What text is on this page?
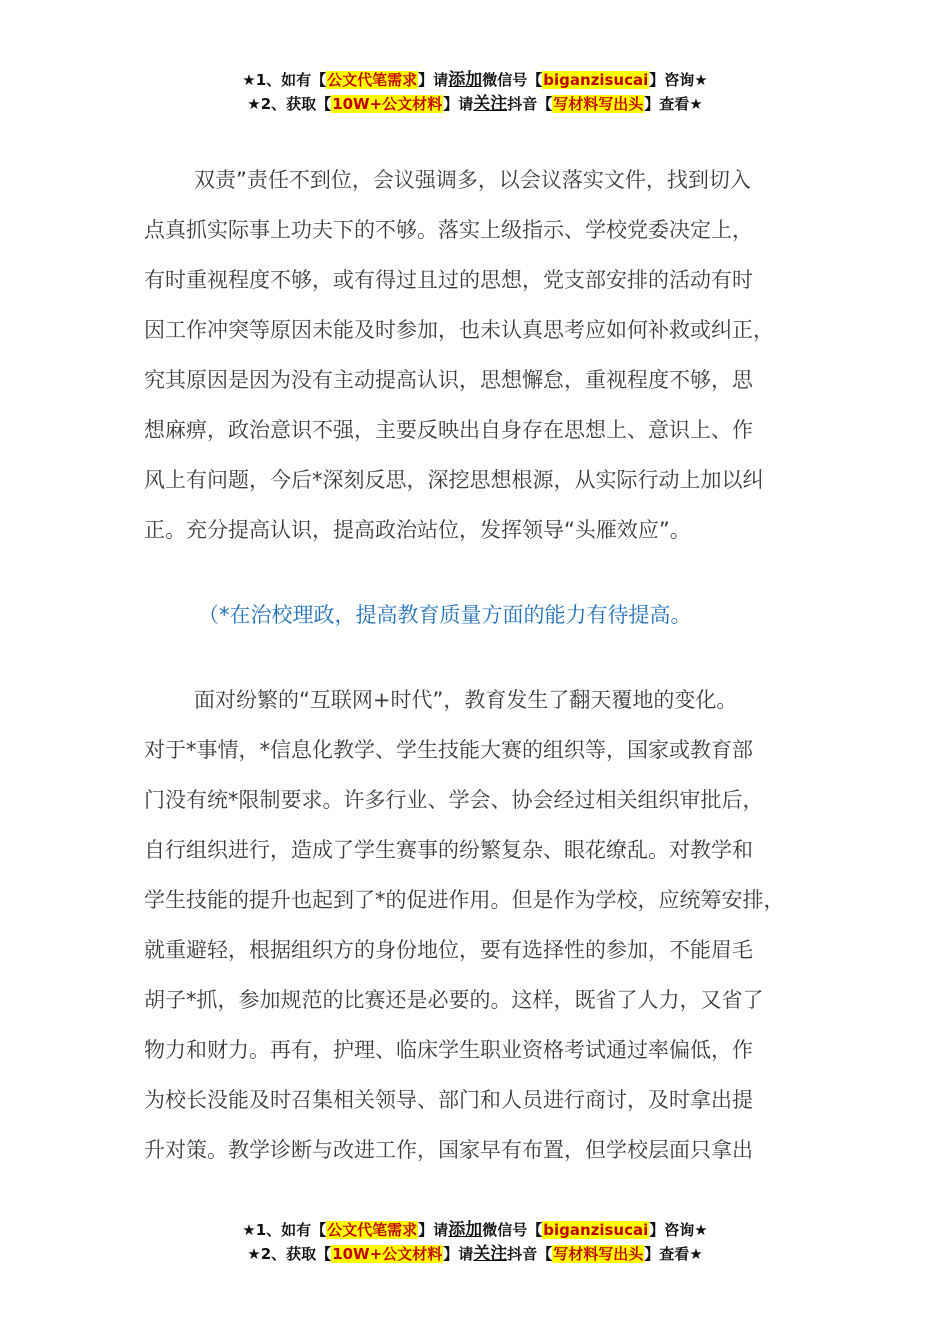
★1、如有【公文代笔需求】请添加微信号【biganzisucai】咨询★
★2、获取【10W+公文材料】请关注抖音【写材料写出头】查看★
双责”责任不到位，会议强调多，以会议落实文件，找到切入
点真抓实际事上功夫下的不够。落实上级指示、学校党委决定上，
有时重视程度不够，或有得过且过的思想，党支部安排的活动有时
因工作冲突等原因未能及时参加，也未认真思考应如何补救或纠正，
究其原因是因为没有主动提高认识，思想懈怠，重视程度不够，思
想麻痹，政治意识不强，主要反映出自身存在思想上、意识上、作
风上有问题，今后*深刻反思，深挖思想根源，从实际行动上加以纠
正。充分提高认识，提高政治站位，发挥领导“头雁效应”。
（*在治校理政，提高教育质量方面的能力有待提高。
面对纷繁的“互联网+时代”，教育发生了翻天覆地的变化。
对于*事情，*信息化教学、学生技能大赛的组织等，国家或教育部
门没有统*限制要求。许多行业、学会、协会经过相关组织审批后，
自行组织进行，造成了学生赛事的纷繁复杂、眼花缭乱。对教学和
学生技能的提升也起到了*的促进作用。但是作为学校，应统筹安排，
就重避轻，根据组织方的身份地位，要有选择性的参加，不能眉毛
胡子*抓，参加规范的比赛还是必要的。这样，既省了人力，又省了
物力和财力。再有，护理、临床学生职业资格考试通过率偏低，作
为校长没能及时召集相关领导、部门和人员进行商讨，及时拿出提
升对策。教学诊断与改进工作，国家早有布置，但学校层面只拿出
★1、如有【公文代笔需求】请添加微信号【biganzisucai】咨询★
★2、获取【10W+公文材料】请关注抖音【写材料写出头】查看★
